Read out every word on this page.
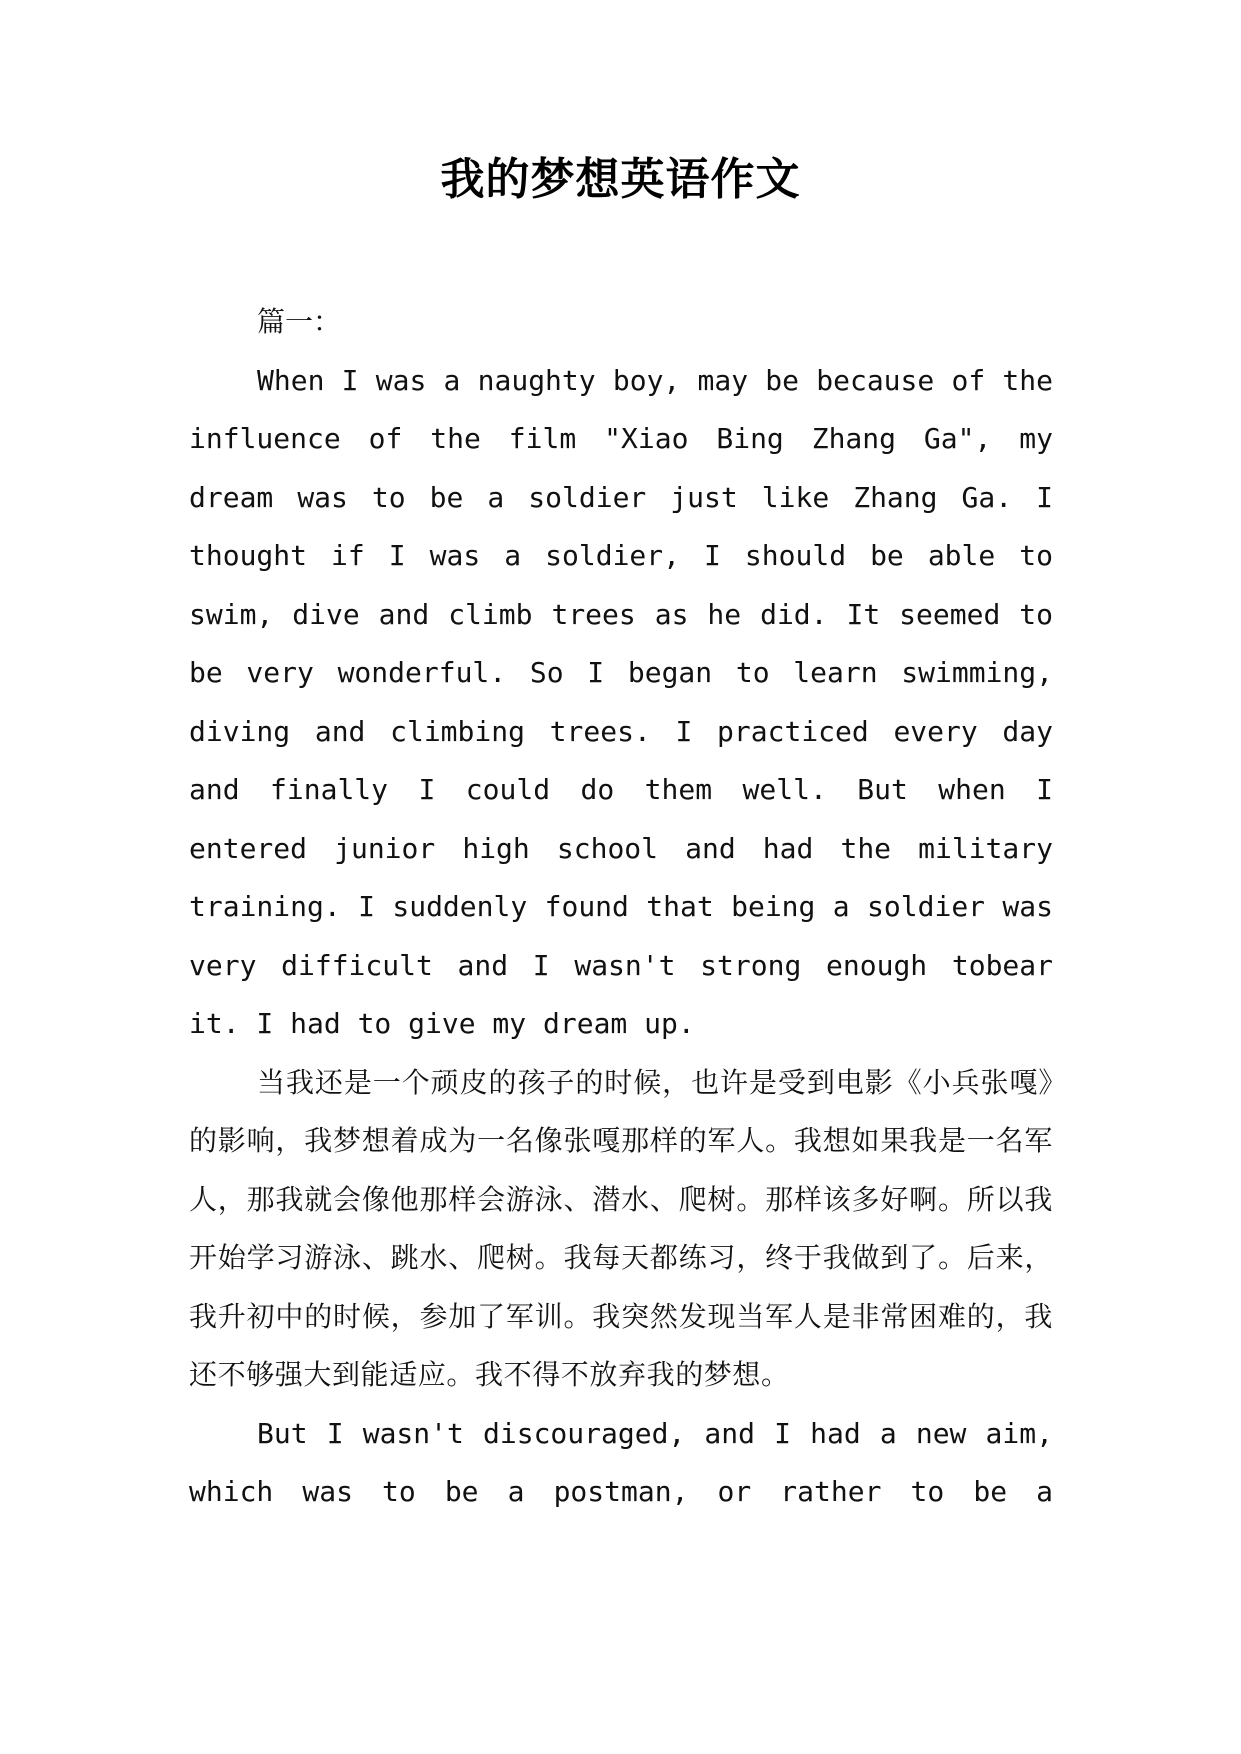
我的梦想英语作文

篇一：

When I was a naughty boy, may be because of the influence of the film "Xiao Bing Zhang Ga", my dream was to be a soldier just like Zhang Ga. I thought if I was a soldier, I should be able to swim, dive and climb trees as he did. It seemed to be very wonderful. So I began to learn swimming, diving and climbing trees. I practiced every day and finally I could do them well. But when I entered junior high school and had the military training. I suddenly found that being a soldier was very difficult and I wasn't strong enough tobear it. I had to give my dream up.

当我还是一个顽皮的孩子的时候，也许是受到电影《小兵张嘎》的影响，我梦想着成为一名像张嘎那样的军人。我想如果我是一名军人，那我就会像他那样会游泳、潜水、爬树。那样该多好啊。所以我开始学习游泳、跳水、爬树。我每天都练习，终于我做到了。后来，我升初中的时候，参加了军训。我突然发现当军人是非常困难的，我还不够强大到能适应。我不得不放弃我的梦想。

But I wasn't discouraged, and I had a new aim, which was to be a postman, or rather to be a
